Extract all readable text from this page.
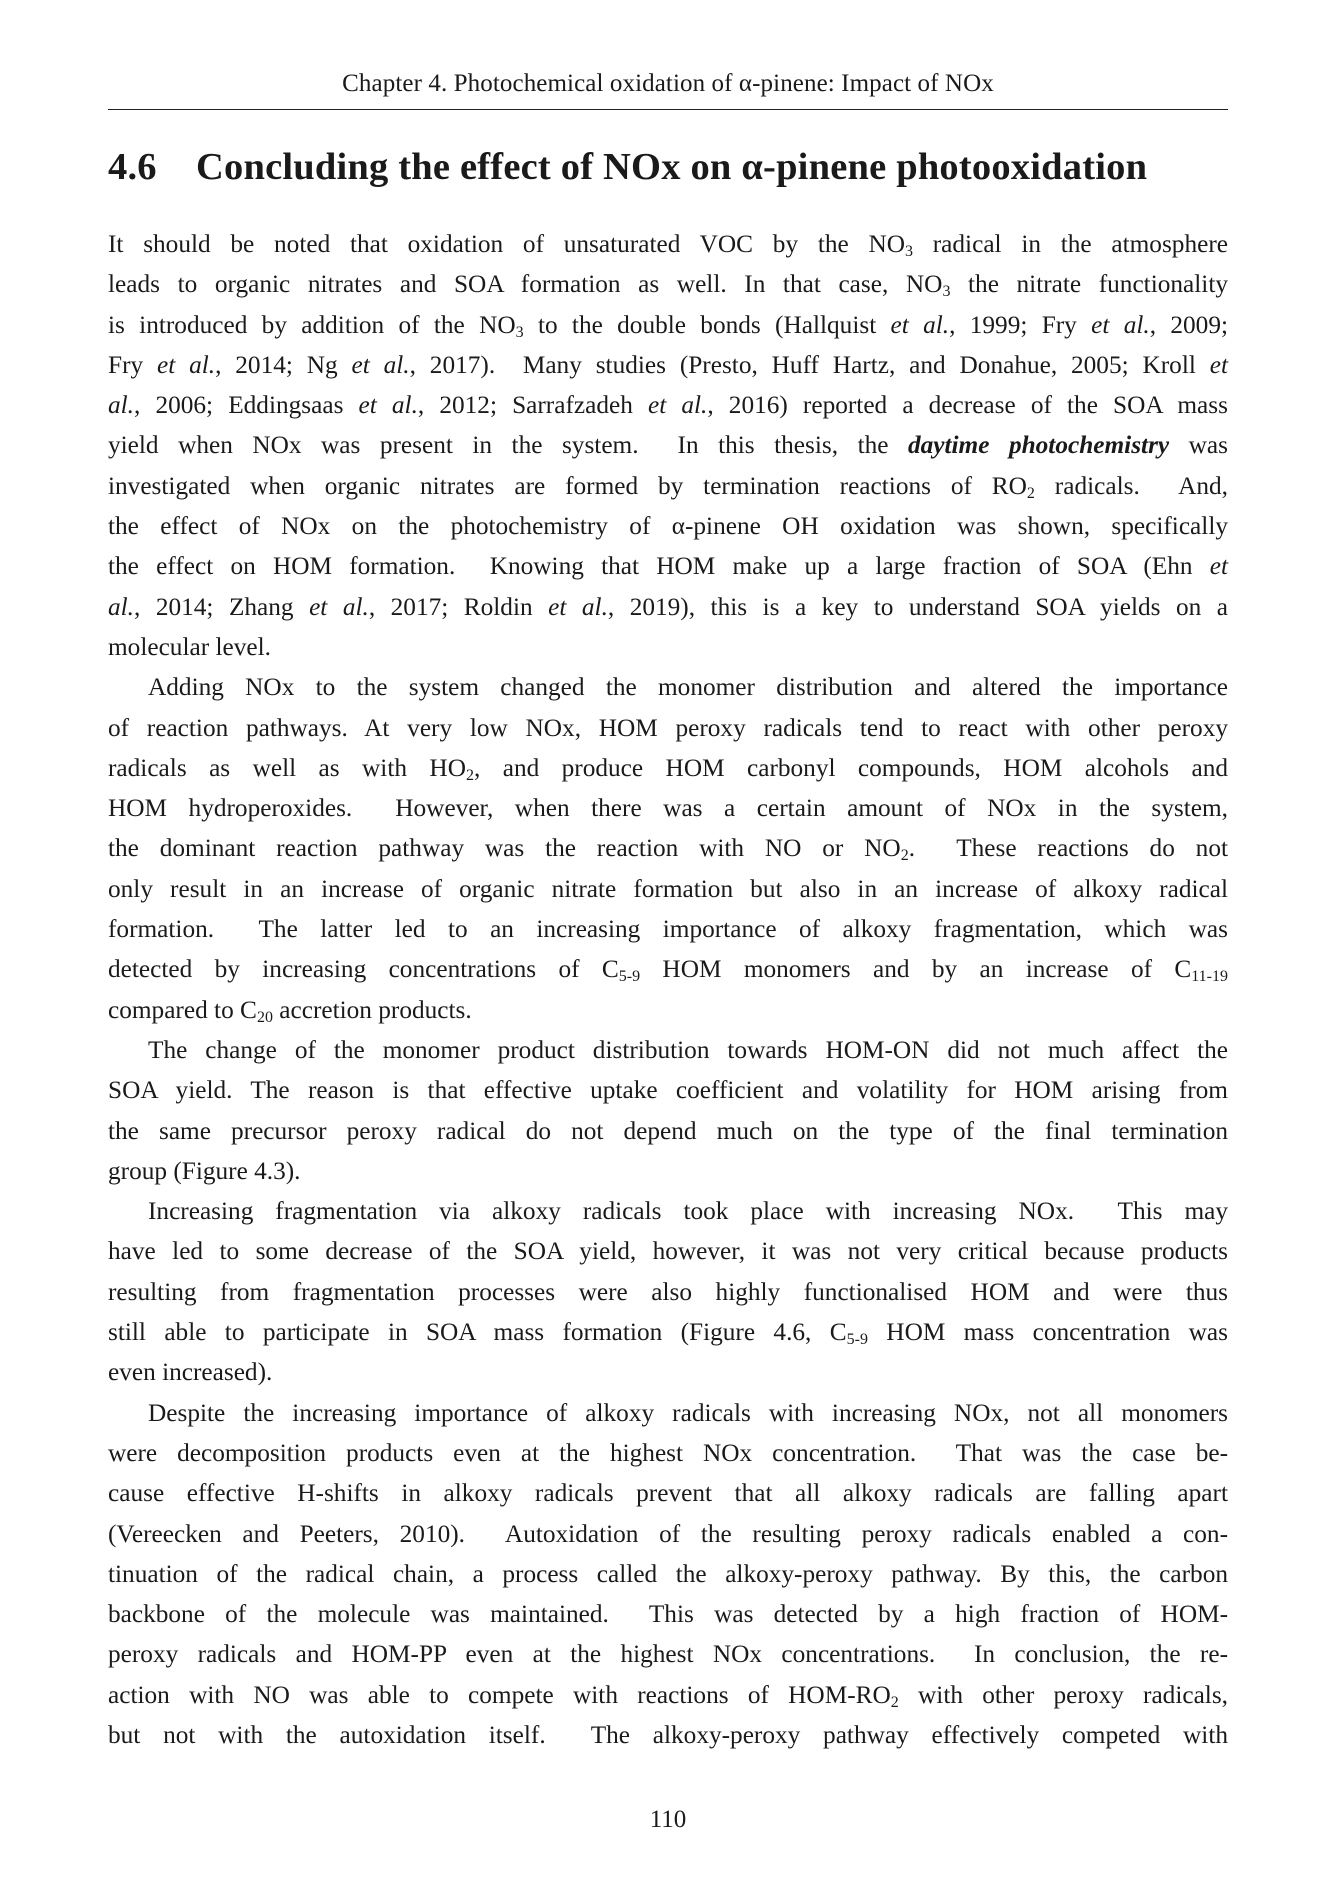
Chapter 4. Photochemical oxidation of α-pinene: Impact of NOx
4.6 Concluding the effect of NOx on α-pinene photooxidation
It should be noted that oxidation of unsaturated VOC by the $NO_3$ radical in the atmosphere
leads to organic nitrates and SOA formation as well. In that case, $NO_3$ the nitrate functionality
is introduced by addition of the $NO_3$ to the double bonds (Hallquist et al., 1999; Fry et al., 2009;
Fry et al., 2014; Ng et al., 2017).  Many studies (Presto, Huff Hartz, and Donahue, 2005; Kroll et
al., 2006; Eddingsaas et al., 2012; Sarrafzadeh et al., 2016) reported a decrease of the SOA mass
yield when NOx was present in the system.  In this thesis, the daytime photochemistry was
investigated when organic nitrates are formed by termination reactions of $RO_2$ radicals.  And,
the effect of NOx on the photochemistry of α-pinene OH oxidation was shown, specifically
the effect on HOM formation.  Knowing that HOM make up a large fraction of SOA (Ehn et
al., 2014; Zhang et al., 2017; Roldin et al., 2019), this is a key to understand SOA yields on a
molecular level.
Adding NOx to the system changed the monomer distribution and altered the importance
of reaction pathways. At very low NOx, HOM peroxy radicals tend to react with other peroxy
radicals as well as with $HO_2$, and produce HOM carbonyl compounds, HOM alcohols and
HOM hydroperoxides.  However, when there was a certain amount of NOx in the system,
the dominant reaction pathway was the reaction with NO or $NO_2$.  These reactions do not
only result in an increase of organic nitrate formation but also in an increase of alkoxy radical
formation.  The latter led to an increasing importance of alkoxy fragmentation, which was
detected by increasing concentrations of $C_{5-9}$ HOM monomers and by an increase of $C_{11-19}$
compared to $C_{20}$ accretion products.
The change of the monomer product distribution towards HOM-ON did not much affect the
SOA yield. The reason is that effective uptake coefficient and volatility for HOM arising from
the same precursor peroxy radical do not depend much on the type of the final termination
group (Figure 4.3).
Increasing fragmentation via alkoxy radicals took place with increasing NOx.  This may
have led to some decrease of the SOA yield, however, it was not very critical because products
resulting from fragmentation processes were also highly functionalised HOM and were thus
still able to participate in SOA mass formation (Figure 4.6, $C_{5-9}$ HOM mass concentration was
even increased).
Despite the increasing importance of alkoxy radicals with increasing NOx, not all monomers
were decomposition products even at the highest NOx concentration.  That was the case be-
cause effective H-shifts in alkoxy radicals prevent that all alkoxy radicals are falling apart
(Vereecken and Peeters, 2010).  Autoxidation of the resulting peroxy radicals enabled a con-
tinuation of the radical chain, a process called the alkoxy-peroxy pathway. By this, the carbon
backbone of the molecule was maintained.  This was detected by a high fraction of HOM-
peroxy radicals and HOM-PP even at the highest NOx concentrations.  In conclusion, the re-
action with NO was able to compete with reactions of HOM-$RO_2$ with other peroxy radicals,
but not with the autoxidation itself.  The alkoxy-peroxy pathway effectively competed with
110
